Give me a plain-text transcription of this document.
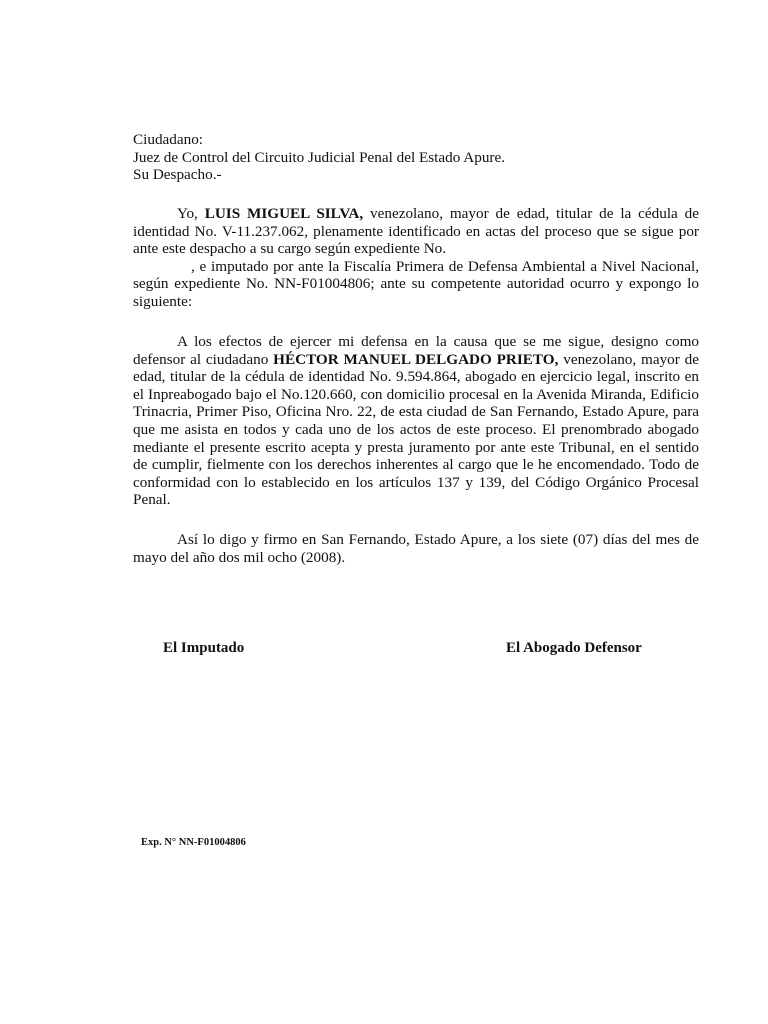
Ciudadano:
Juez de Control del Circuito Judicial Penal del Estado Apure.
Su Despacho.-

Yo, LUIS MIGUEL SILVA, venezolano, mayor de edad, titular de la cédula de identidad No. V-11.237.062, plenamente identificado en actas del proceso que se sigue por ante este despacho a su cargo según expediente No.
, e imputado por ante la Fiscalía Primera de Defensa Ambiental a Nivel Nacional, según expediente No. NN-F01004806; ante su competente autoridad ocurro y expongo lo siguiente:

A los efectos de ejercer mi defensa en la causa que se me sigue, designo como defensor al ciudadano HÉCTOR MANUEL DELGADO PRIETO, venezolano, mayor de edad, titular de la cédula de identidad No. 9.594.864, abogado en ejercicio legal, inscrito en el Inpreabogado bajo el No.120.660, con domicilio procesal en la Avenida Miranda, Edificio Trinacria, Primer Piso, Oficina Nro. 22, de esta ciudad de San Fernando, Estado Apure, para que me asista en todos y cada uno de los actos de este proceso. El prenombrado abogado mediante el presente escrito acepta y presta juramento por ante este Tribunal, en el sentido de cumplir, fielmente con los derechos inherentes al cargo que le he encomendado. Todo de conformidad con lo establecido en los artículos 137 y 139, del Código Orgánico Procesal Penal.

Así lo digo y firmo en San Fernando, Estado Apure, a los siete (07) días del mes de mayo del año dos mil ocho (2008).

El Imputado	El Abogado Defensor
Exp. N° NN-F01004806
